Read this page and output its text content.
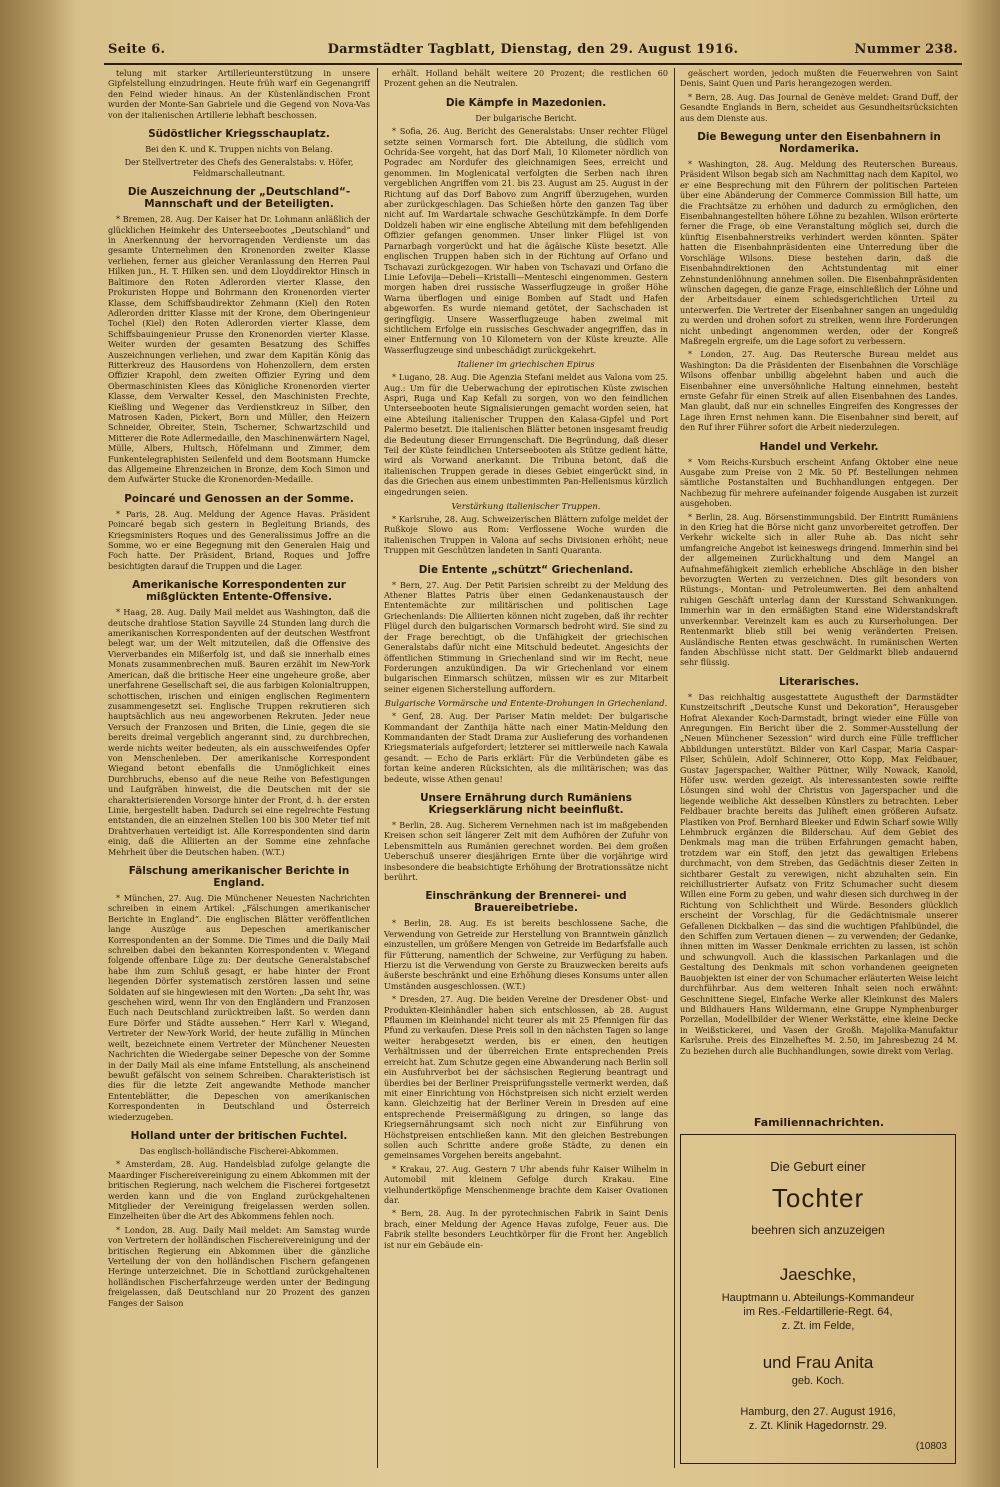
Darmstädter Tagblatt, Dienstag, den 29. August 1916.
Seite 6.	Nummer 238.

telung mit starker Artillerieunterstützung in unsere Gipfelstellung einzudringen. Heute früh warf ein Gegenangriff den Feind wieder hinaus. An der Küstenländischen Front wurden der Monte-San Gabriele und die Gegend von Nova-Vas von der italienischen Artillerie lebhaft beschossen.

Südöstlicher Kriegsschauplatz.

Bei den K. und K. Truppen nichts von Belang.

Der Stellvertreter des Chefs des Generalstabs: v. Höfer, Feldmarschalleutnant.

Die Auszeichnung der „Deutschland“-Mannschaft und der Beteiligten.

* Bremen, 28. Aug. Der Kaiser hat Dr. Lohmann anläßlich der glücklichen Heimkehr des Unterseebootes „Deutschland“ und in Anerkennung der hervorragenden Verdienste um das gesamte Unternehmen den Kronenorden zweiter Klasse verliehen, ferner aus gleicher Veranlassung den Herren Paul Hilken jun., H. T. Hilken sen. und dem Lloyddirektor Hinsch in Baltimore den Roten Adlerorden vierter Klasse, den Prokuristen Hoppe und Bohrmann den Kronenorden vierter Klasse, dem Schiffsbaudirektor Zehmann (Kiel) den Roten Adlerorden dritter Klasse mit der Krone, dem Oberingenieur Tochel (Kiel) den Roten Adlerorden vierter Klasse, dem Schiffsbauingenieur Prusse den Kronenorden vierter Klasse. Weiter wurden der gesamten Besatzung des Schiffes Auszeichnungen verliehen, und zwar dem Kapitän König das Ritterkreuz des Hausordens von Hohenzollern, dem ersten Offizier Krapohl, dem zweiten Offizier Eyring und dem Obermaschinisten Klees das Königliche Kronenorden vierter Klasse, dem Verwalter Kessel, den Maschinisten Frechte, Kießling und Wegener das Verdienstkreuz in Silber, den Matrosen Kaden, Pickert, Born und Müller, den Heizern Schneider, Obreiter, Stein, Tscherner, Schwartzschild und Mitterer die Rote Adlermedaille, den Maschinenwärtern Nagel, Mülle, Albers, Hultsch, Höfelmann und Zimmer, dem Funkentelegraphisten Seilenfeld und dem Bootsmann Humcke das Allgemeine Ehrenzeichen in Bronze, dem Koch Simon und dem Aufwärter Stucke die Kronenorden-Medaille.

Poincaré und Genossen an der Somme.

* Paris, 28. Aug. Meldung der Agence Havas. Präsident Poincaré begab sich gestern in Begleitung Briands, des Kriegsministers Roques und des Generalissimus Joffre an die Somme, wo er eine Begegnung mit den Generalen Haig und Foch hatte. Der Präsident, Briand, Roques und Joffre besichtigten darauf die Truppen und die Lager.

Amerikanische Korrespondenten zur mißglückten Entente-Offensive.

* Haag, 28. Aug. Daily Mail meldet aus Washington, daß die deutsche drahtlose Station Sayville 24 Stunden lang durch die amerikanischen Korrespondenten auf der deutschen Westfront belegt war, um der Welt mitzuteilen, daß die Offensive des Vierverbandes ein Mißerfolg ist, und daß sie innerhalb eines Monats zusammenbrechen muß. Bauren erzählt im New-York American, daß die britische Heer eine ungeheure große, aber unerfahrene Gesellschaft sei, die aus farbigen Kolonialtruppen, schottischen, irischen und einigen englischen Regimentern zusammengesetzt sei. Englische Truppen rekrutieren sich hauptsächlich aus neu angeworbenen Rekruten. Jeder neue Versuch der Franzosen und Briten, die Linie, gegen die sie bereits dreimal vergeblich angerannt sind, zu durchbrechen, werde nichts weiter bedeuten, als ein ausschweifendes Opfer von Menschenleben. Der amerikanische Korrespondent Wiegand betont ebenfalls die Unmöglichkeit eines Durchbruchs, ebenso auf die neue Reihe von Befestigungen und Laufgräben hinweist, die die Deutschen mit der sie charakterisierenden Vorsorge hinter der Front, d. h. der ersten Linie, hergestellt haben. Dadurch sei eine regelrechte Festung entstanden, die an einzelnen Stellen 100 bis 300 Meter tief mit Drahtverhauen verteidigt ist. Alle Korrespondenten sind darin einig, daß die Alliierten an der Somme eine zehnfache Mehrheit über die Deutschen haben. (W.T.)

Fälschung amerikanischer Berichte in England.

* München, 27. Aug. Die Münchener Neuesten Nachrichten schreiben in einem Artikel: „Fälschungen amerikanischer Berichte in England“. Die englischen Blätter veröffentlichen lange Auszüge aus Depeschen amerikanischer Korrespondenten an der Somme. Die Times und die Daily Mail schreiben dabei den bekannten Korrespondenten v. Wiegand folgende offenbare Lüge zu: Der deutsche Generalstabschef habe ihm zum Schluß gesagt, er habe hinter der Front liegenden Dörfer systematisch zerstören lassen und seine Soldaten auf sie hingewiesen mit den Worten: „Da seht Ihr, was geschehen wird, wenn Ihr von den Engländern und Franzosen Euch nach Deutschland zurücktreiben laßt. So werden dann Eure Dörfer und Städte aussehen.“ Herr Karl v. Wiegand, Vertreter der New-York World, der heute zufällig in München weilt, bezeichnete einem Vertreter der Münchener Neuesten Nachrichten die Wiedergabe seiner Depesche von der Somme in der Daily Mail als eine infame Entstellung, als anscheinend bewußt gefälscht von seinem Schreiben. Charakteristisch ist dies für die letzte Zeit angewandte Methode mancher Ententeblätter, die Depeschen von amerikanischen Korrespondenten in Deutschland und Österreich wiederzugeben.

Holland unter der britischen Fuchtel.

Das englisch-holländische Fischerei-Abkommen.

* Amsterdam, 28. Aug. Handelsblad zufolge gelangte die Maardinger Fischereivereinigung zu einem Abkommen mit der britischen Regierung, nach welchem die Fischerei fortgesetzt werden kann und die von England zurückgehaltenen Mitglieder der Vereinigung freigelassen werden sollen. Einzelheiten über die Art des Abkommens fehlen noch.

* London, 28. Aug. Daily Mail meldet: Am Samstag wurde von Vertretern der holländischen Fischereivereinigung und der britischen Regierung ein Abkommen über die gänzliche Verteilung der von den holländischen Fischern gefangenen Heringe unterzeichnet. Die in Schottland zurückgehaltenen holländischen Fischerfahrzeuge werden unter der Bedingung freigelassen, daß Deutschland nur 20 Prozent des ganzen Fanges der Saison

erhält. Holland behält weitere 20 Prozent; die restlichen 60 Prozent gehen an die Neutralen.

Die Kämpfe in Mazedonien.

Der bulgarische Bericht.

* Sofia, 26. Aug. Bericht des Generalstabs: Unser rechter Flügel setzte seinen Vormarsch fort. Die Abteilung, die südlich vom Ochrida-See vorgeht, hat das Dorf Mali, 10 Kilometer nördlich von Pogradec am Nordufer des gleichnamigen Sees, erreicht und genommen. Im Moglenicatal verfolgten die Serben nach ihren vergeblichen Angriffen vom 21. bis 23. August am 25. August in der Richtung auf das Dorf Babovo zum Angriff überzugehen, wurden aber zurückgeschlagen. Das Schießen hörte den ganzen Tag über nicht auf. Im Wardartale schwache Geschützkämpfe. In dem Dorfe Doldzeli haben wir eine englische Abteilung mit dem befehligenden Offizier gefangen genommen. Unser linker Flügel ist von Parnarbagh vorgerückt und hat die ägäische Küste besetzt. Alle englischen Truppen haben sich in der Richtung auf Orfano und Tschavazi zurückgezogen. Wir haben von Tschavazi und Orfano die Linie Lefovija—Debeli—Kristalli—Menteschi eingenommen. Gestern morgen haben drei russische Wasserflugzeuge in großer Höhe Warna überflogen und einige Bomben auf Stadt und Hafen abgeworfen. Es wurde niemand getötet, der Sachschaden ist geringfügig. Unsere Wasserflugzeuge haben zweimal mit sichtlichem Erfolge ein russisches Geschwader angegriffen, das in einer Entfernung von 10 Kilometern von der Küste kreuzte. Alle Wasserflugzeuge sind unbeschädigt zurückgekehrt.

Italiener im griechischen Epirus

* Lugano, 28. Aug. Die Agenzia Stefani meldet aus Valona vom 25. Aug.: Um für die Ueberwachung der epirotischen Küste zwischen Aspri, Ruga und Kap Kefali zu sorgen, von wo den feindlichen Unterseebooten heute Signalisierungen gemacht worden seien, hat eine Abteilung italienischer Truppen den Kalasa-Gipfel und Port Palermo besetzt. Die italienischen Blätter betonen insgesamt freudig die Bedeutung dieser Errungenschaft. Die Begründung, daß dieser Teil der Küste feindlichen Unterseebooten als Stütze gedient hätte, wird als Vorwand anerkannt. Die Tribuna betont, daß die italienischen Truppen gerade in dieses Gebiet eingerückt sind, in das die Griechen aus einem unbestimmten Pan-Hellenismus kürzlich eingedrungen seien.

Verstärkung italienischer Truppen.

* Karlsruhe, 28. Aug. Schweizerischen Blättern zufolge meldet der Rußkoje Slowo aus Rom: Verflossene Woche wurden die italienischen Truppen in Valona auf sechs Divisionen erhöht; neue Truppen mit Geschützen landeten in Santi Quaranta.

Die Entente „schützt“ Griechenland.

* Bern, 27. Aug. Der Petit Parisien schreibt zu der Meldung des Athener Blattes Patris über einen Gedankenaustausch der Ententemächte zur militärischen und politischen Lage Griechenlands: Die Alliierten können nicht zugeben, daß ihr rechter Flügel durch den bulgarischen Vormarsch bedroht wird. Sie sind zu der Frage berechtigt, ob die Unfähigkeit der griechischen Generalstabs dafür nicht eine Mitschuld bedeutet. Angesichts der öffentlichen Stimmung in Griechenland sind wir im Recht, neue Forderungen anzukündigen. Da wir Griechenland vor einem bulgarischen Einmarsch schützen, müssen wir es zur Mitarbeit seiner eigenen Sicherstellung auffordern.

Bulgarische Vormärsche und Entente-Drohungen in Griechenland.

* Genf, 28. Aug. Der Pariser Matin meldet: Der bulgarische Kommandant der Zanthija hätte nach einer Matin-Meldung den Kommandanten der Stadt Drama zur Auslieferung des vorhandenen Kriegsmaterials aufgefordert; letzterer sei mittlerweile nach Kawala gesandt. — Echo de Paris erklärt: Für die Verbündeten gäbe es fortan keine anderen Rücksichten, als die militärischen; was das bedeute, wisse Athen genau!

Unsere Ernährung durch Rumäniens Kriegserklärung nicht beeinflußt.

* Berlin, 28. Aug. Sicherem Vernehmen nach ist im maßgebenden Kreisen schon seit längerer Zeit mit dem Aufhören der Zufuhr von Lebensmitteln aus Rumänien gerechnet worden. Bei dem großen Ueberschuß unserer diesjährigen Ernte über die vorjährige wird insbesondere die beabsichtigte Erhöhung der Brotrationssätze nicht berührt.

Einschränkung der Brennerei- und Brauereibetriebe.

* Berlin, 28. Aug. Es ist bereits beschlossene Sache, die Verwendung von Getreide zur Herstellung von Branntwein gänzlich einzustellen, um größere Mengen von Getreide im Bedarfsfalle auch für Fütterung, namentlich der Schweine, zur Verfügung zu haben. Hierzu ist die Verwendung von Gerste zu Brauzwecken bereits aufs äußerste beschränkt und eine Erhöhung dieses Konsums unter allen Umständen ausgeschlossen. (W.T.)

* Dresden, 27. Aug. Die beiden Vereine der Dresdener Obst- und Produkten-Kleinhändler haben sich entschlossen, ab 28. August Pflaumen im Kleinhandel nicht teurer als mit 25 Pfennigen für das Pfund zu verkaufen. Diese Preis soll in den nächsten Tagen so lange weiter herabgesetzt werden, bis er einen, den heutigen Verhältnissen und der überreichen Ernte entsprechenden Preis erreicht hat. Zum Schutze gegen eine Abwanderung nach Berlin soll ein Ausfuhrverbot bei der sächsischen Regierung beantragt und überdies bei der Berliner Preisprüfungsstelle vermerkt werden, daß mit einer Einrichtung von Höchstpreisen sich nicht erzielt werden kann. Gleichzeitig hat der Berliner Verein in Dresden auf eine entsprechende Preisermäßigung zu dringen, so lange das Kriegsernährungsamt sich noch nicht zur Einführung von Höchstpreisen entschließen kann. Mit den gleichen Bestrebungen sollen auch Schritte andere große Städte, zu denen ein gemeinsames Vorgehen bereits angebahnt.

* Krakau, 27. Aug. Gestern 7 Uhr abends fuhr Kaiser Wilhelm in Automobil mit kleinem Gefolge durch Krakau. Eine vielhundertköpfige Menschenmenge brachte dem Kaiser Ovationen dar.

* Bern, 28. Aug. In der pyrotechnischen Fabrik in Saint Denis brach, einer Meldung der Agence Havas zufolge, Feuer aus. Die Fabrik stellte besonders Leuchtkörper für die Front her. Angeblich ist nur ein Gebäude ein-

geäschert worden, jedoch mußten die Feuerwehren von Saint Denis, Saint Quen und Paris herangezogen werden.

* Bern, 28. Aug. Das Journal de Genève meldet: Grand Duff, der Gesandte Englands in Bern, scheidet aus Gesundheitsrücksichten aus dem Dienste aus.

Die Bewegung unter den Eisenbahnern in Nordamerika.

* Washington, 28. Aug. Meldung des Reuterschen Bureaus. Präsident Wilson begab sich am Nachmittag nach dem Kapitol, wo er eine Besprechung mit den Führern der politischen Parteien über eine Abänderung der Commerce Commission Bill hatte, um die Frachtsätze zu erhöhen und dadurch zu ermöglichen, den Eisenbahnangestellten höhere Löhne zu bezahlen. Wilson erörterte ferner die Frage, ob eine Veranstaltung möglich sei, durch die künftig Eisenbahnerstreiks verhindert werden könnten. Später hatten die Eisenbahnpräsidenten eine Unterredung über die Vorschläge Wilsons. Diese bestehen darin, daß die Eisenbahndirektionen den Achtstundentag mit einer Zehnstundenlöhnung annehmen sollen. Die Eisenbahnpräsidenten wünschen dagegen, die ganze Frage, einschließlich der Löhne und der Arbeitsdauer einem schiedsgerichtlichen Urteil zu unterwerfen. Die Vertreter der Eisenbahner sangen an ungeduldig zu werden und drohen sofort zu streiken, wenn ihre Forderungen nicht unbedingt angenommen werden, oder der Kongreß Maßregeln ergreife, um die Lage sofort zu verbessern.

* London, 27. Aug. Das Reutersche Bureau meldet aus Washington: Da die Präsidenten der Eisenbahnen die Vorschläge Wilsons offenbar unbillig abgelehnt haben und auch die Eisenbahner eine unversöhnliche Haltung einnehmen, besteht ernste Gefahr für einen Streik auf allen Eisenbahnen des Landes. Man glaubt, daß nur ein schnelles Eingreifen des Kongresses der Lage ihren Ernst nehmen kann. Die Eisenbahner sind bereit, auf den Ruf ihrer Führer sofort die Arbeit niederzulegen.

Handel und Verkehr.

* Vom Reichs-Kursbuch erscheint Anfang Oktober eine neue Ausgabe zum Preise von 2 Mk. 50 Pf. Bestellungen nehmen sämtliche Postanstalten und Buchhandlungen entgegen. Der Nachbezug für mehrere aufeinander folgende Ausgaben ist zurzeit ausgehoben.

* Berlin, 28. Aug. Börsenstimmungsbild. Der Eintritt Rumäniens in den Krieg hat die Börse nicht ganz unvorbereitet getroffen. Der Verkehr wickelte sich in aller Ruhe ab. Das nicht sehr umfangreiche Angebot ist keineswegs dringend. Immerhin sind bei der allgemeinen Zurückhaltung und dem Mangel an Aufnahmefähigkeit ziemlich erhebliche Abschläge in den bisher bevorzugten Werten zu verzeichnen. Dies gilt besonders von Rüstungs-, Montan- und Petroleumwerten. Bei dem anhaltend ruhigen Geschäft unterlag dann der Kursstand Schwankungen. Immerhin war in den ermäßigten Stand eine Widerstandskraft unverkennbar. Vereinzelt kam es auch zu Kurserholungen. Der Rentenmarkt blieb still bei wenig veränderten Preisen. Ausländische Renten etwas geschwächt. In rumänischen Werten fanden Abschlüsse nicht statt. Der Geldmarkt blieb andauernd sehr flüssig.

Literarisches.

* Das reichhaltig ausgestattete Augustheft der Darmstädter Kunstzeitschrift „Deutsche Kunst und Dekoration“, Herausgeber Hofrat Alexander Koch-Darmstadt, bringt wieder eine Fülle von Anregungen. Ein Bericht über die 2. Sommer-Ausstellung der „Neuen Münchener Sezession“ wird durch eine Fülle trefflicher Abbildungen unterstützt. Bilder von Karl Caspar, Maria Caspar-Filser, Schülein, Adolf Schinnerer, Otto Kopp, Max Feldbauer, Gustav Jagerspacher, Walther Püttner, Willy Nowack, Kanold, Höfer usw. werden gezeigt. Als interessantesten sowie reiffte Lösungen sind wohl der Christus von Jagerspacher und die liegende weibliche Akt desselben Künstlers zu betrachten. Leber Feldbauer brachte bereits das Juliheft einen größeren Aufsatz. Plastiken von Prof. Bernhard Bleeker und Edwin Scharf sowie Willy Lehmbruck ergänzen die Bilderschau. Auf dem Gebiet des Denkmals mag man die trüben Erfahrungen gemacht haben, trotzdem war ein Stoff, den jetzt das gewaltigen Erlebens durchmacht, von dem Streben, das Gedächtnis dieser Zeiten in sichtbarer Gestalt zu verewigen, nicht abzuhalten sein. Ein reichillustrierter Aufsatz von Fritz Schumacher sucht diesem Willen eine Form zu geben, und wahr diesen sich durchweg in der Richtung von Schlichtheit und Würde. Besonders glücklich erscheint der Vorschlag, für die Gedächtnismale unserer Gefallenen Dickbalken — das sind die wuchtigen Pfahlbündel, die den Schiffen zum Vertauen dienen — zu verwenden; der Gedanke, ihnen mitten im Wasser Denkmale errichten zu lassen, ist schön und schwungvoll. Auch die klassischen Parkanlagen und die Gestaltung des Denkmals mit schon vorhandenen geeigneten Bauobjekten ist einer der von Schumacher erläuterten Weise leicht durchführbar. Aus dem weiteren Inhalt seien noch erwähnt: Geschnittene Siegel, Einfache Werke aller Kleinkunst des Malers und Bildhauers Hans Wildermann, eine Gruppe Nymphenburger Porzellan, Modellbilder der Wiener Werkstätte, eine kleine Decke in Weißstickerei, und Vasen der Großh. Majolika-Manufaktur Karlsruhe. Preis des Einzelheftes M. 2.50, im Jahresbezug 24 M. Zu beziehen durch alle Buchhandlungen, sowie direkt vom Verlag.

Familiennachrichten.
Die Geburt einer
Tochter
beehren sich anzuzeigen
Jaeschke,
Hauptmann u. Abteilungs-Kommandeur
im Res.-Feldartillerie-Regt. 64,
z. Zt. im Felde,
und Frau Anita
geb. Koch.
Hamburg, den 27. August 1916,
z. Zt. Klinik Hagedornstr. 29.
(10803
